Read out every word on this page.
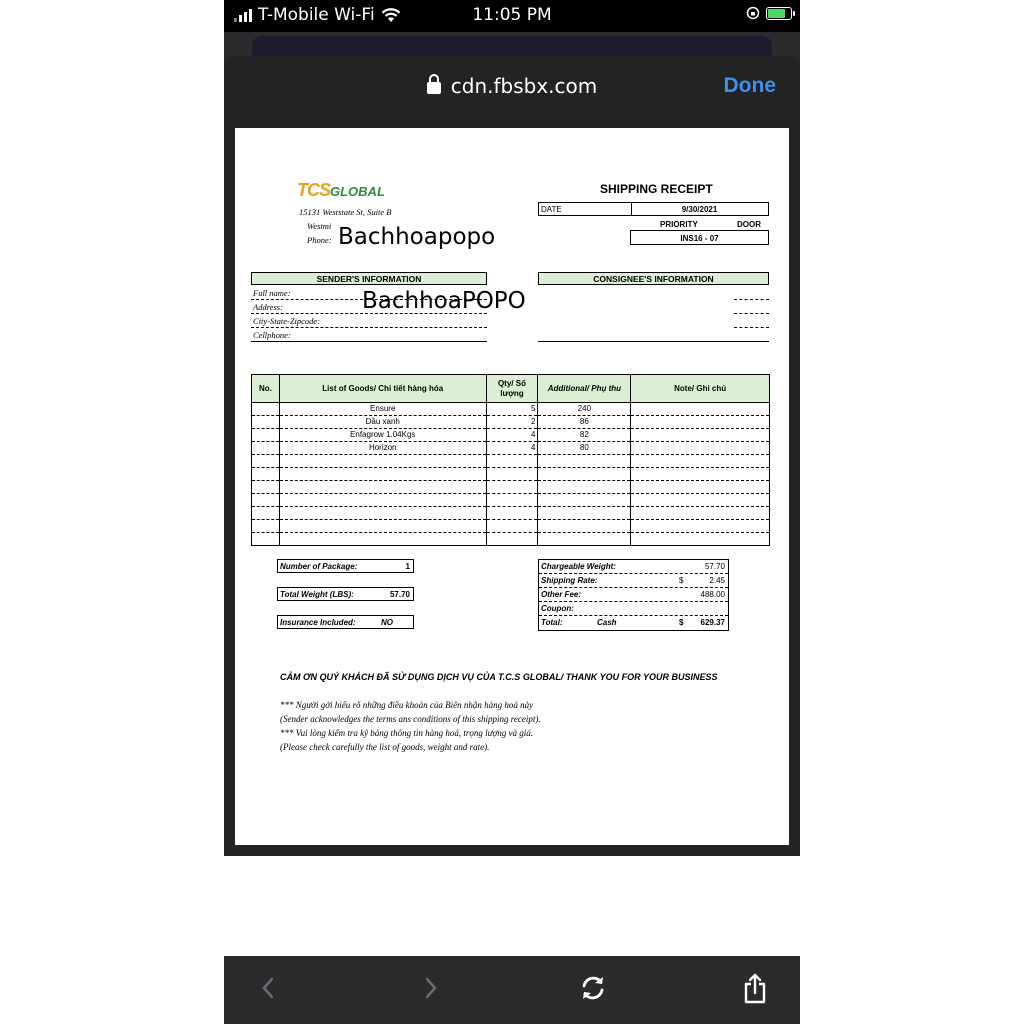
T-Mobile Wi-Fi	11:05 PM
cdn.fbsbx.com	Done
TCSGLOBAL
15131 Weststate St, Suite B
Westmi
Phone: Bachhoapopo
SHIPPING RECEIPT
DATE	9/30/2021
PRIORITY	DOOR
INS16 - 07
SENDER'S INFORMATION	CONSIGNEE'S INFORMATION
Full name:
Address:
City-State-Zipcode:
Cellphone:
BachhoaPOPO
No.	List of Goods/ Chi tiết hàng hóa	Qty/ Số lượng	Additional/ Phụ thu	Note/ Ghi chú
	Ensure	5	240	
	Dầu xanh	2	86	
	Enfagrow 1.04Kgs	4	82	
	Horizon	4	80	

Number of Package:	1
Total Weight (LBS):	57.70
Insurance Included:	NO
Chargeable Weight:	57.70
Shipping Rate:	$	2.45
Other Fee:	488.00
Coupon:
Total:	Cash	$ 629.37
CẢM ƠN QUÝ KHÁCH ĐÃ SỬ DỤNG DỊCH VỤ CỦA T.C.S GLOBAL/ THANK YOU FOR YOUR BUSINESS
*** Người gởi hiểu rõ những điều khoản của Biên nhận hàng hoá này
(Sender acknowledges the terms ans conditions of this shipping receipt).
*** Vui lòng kiểm tra kỹ bảng thông tin hàng hoá, trọng lượng và giá.
(Please check carefully the list of goods, weight and rate).
